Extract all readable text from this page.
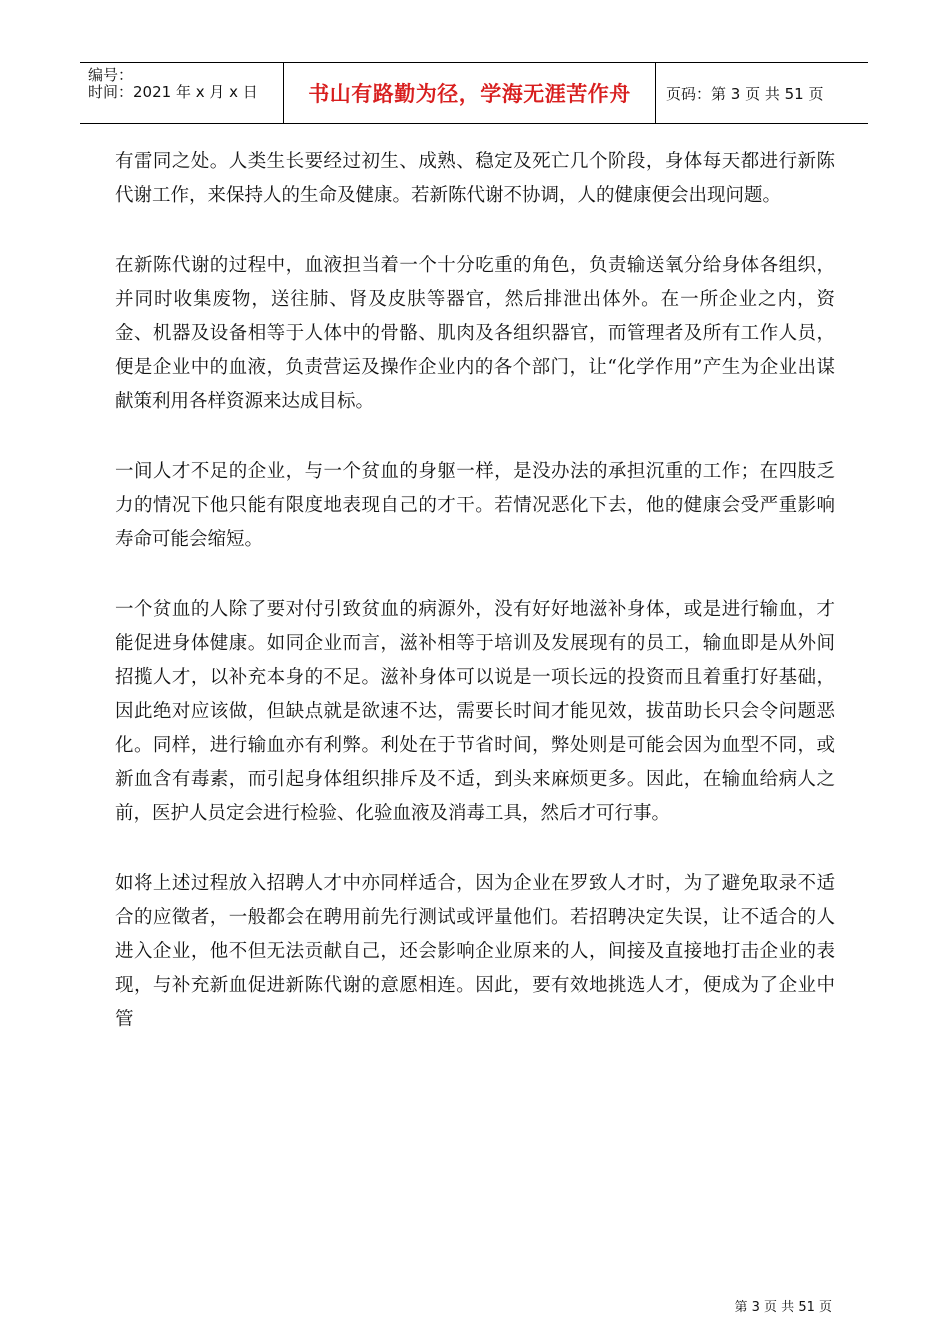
编号：
时间：2021 年 x 月 x 日	书山有路勤为径，学海无涯苦作舟	页码：第 3 页 共 51 页

有雷同之处。人类生长要经过初生、成熟、稳定及死亡几个阶段，身体每天都进行新陈代谢工作，来保持人的生命及健康。若新陈代谢不协调，人的健康便会出现问题。

在新陈代谢的过程中，血液担当着一个十分吃重的角色，负责输送氧分给身体各组织，并同时收集废物，送往肺、肾及皮肤等器官，然后排泄出体外。在一所企业之内，资金、机器及设备相等于人体中的骨骼、肌肉及各组织器官，而管理者及所有工作人员，便是企业中的血液，负责营运及操作企业内的各个部门，让“化学作用”产生为企业出谋献策利用各样资源来达成目标。

一间人才不足的企业，与一个贫血的身躯一样，是没办法的承担沉重的工作；在四肢乏力的情况下他只能有限度地表现自己的才干。若情况恶化下去，他的健康会受严重影响寿命可能会缩短。

一个贫血的人除了要对付引致贫血的病源外，没有好好地滋补身体，或是进行输血，才能促进身体健康。如同企业而言，滋补相等于培训及发展现有的员工，输血即是从外间招揽人才，以补充本身的不足。滋补身体可以说是一项长远的投资而且着重打好基础，因此绝对应该做，但缺点就是欲速不达，需要长时间才能见效，拔苗助长只会令问题恶化。同样，进行输血亦有利弊。利处在于节省时间，弊处则是可能会因为血型不同，或新血含有毒素，而引起身体组织排斥及不适，到头来麻烦更多。因此，在输血给病人之前，医护人员定会进行检验、化验血液及消毒工具，然后才可行事。

如将上述过程放入招聘人才中亦同样适合，因为企业在罗致人才时，为了避免取录不适合的应徵者，一般都会在聘用前先行测试或评量他们。若招聘决定失误，让不适合的人进入企业，他不但无法贡献自己，还会影响企业原来的人，间接及直接地打击企业的表现，与补充新血促进新陈代谢的意愿相连。因此，要有效地挑选人才，便成为了企业中管

第 3 页 共 51 页
